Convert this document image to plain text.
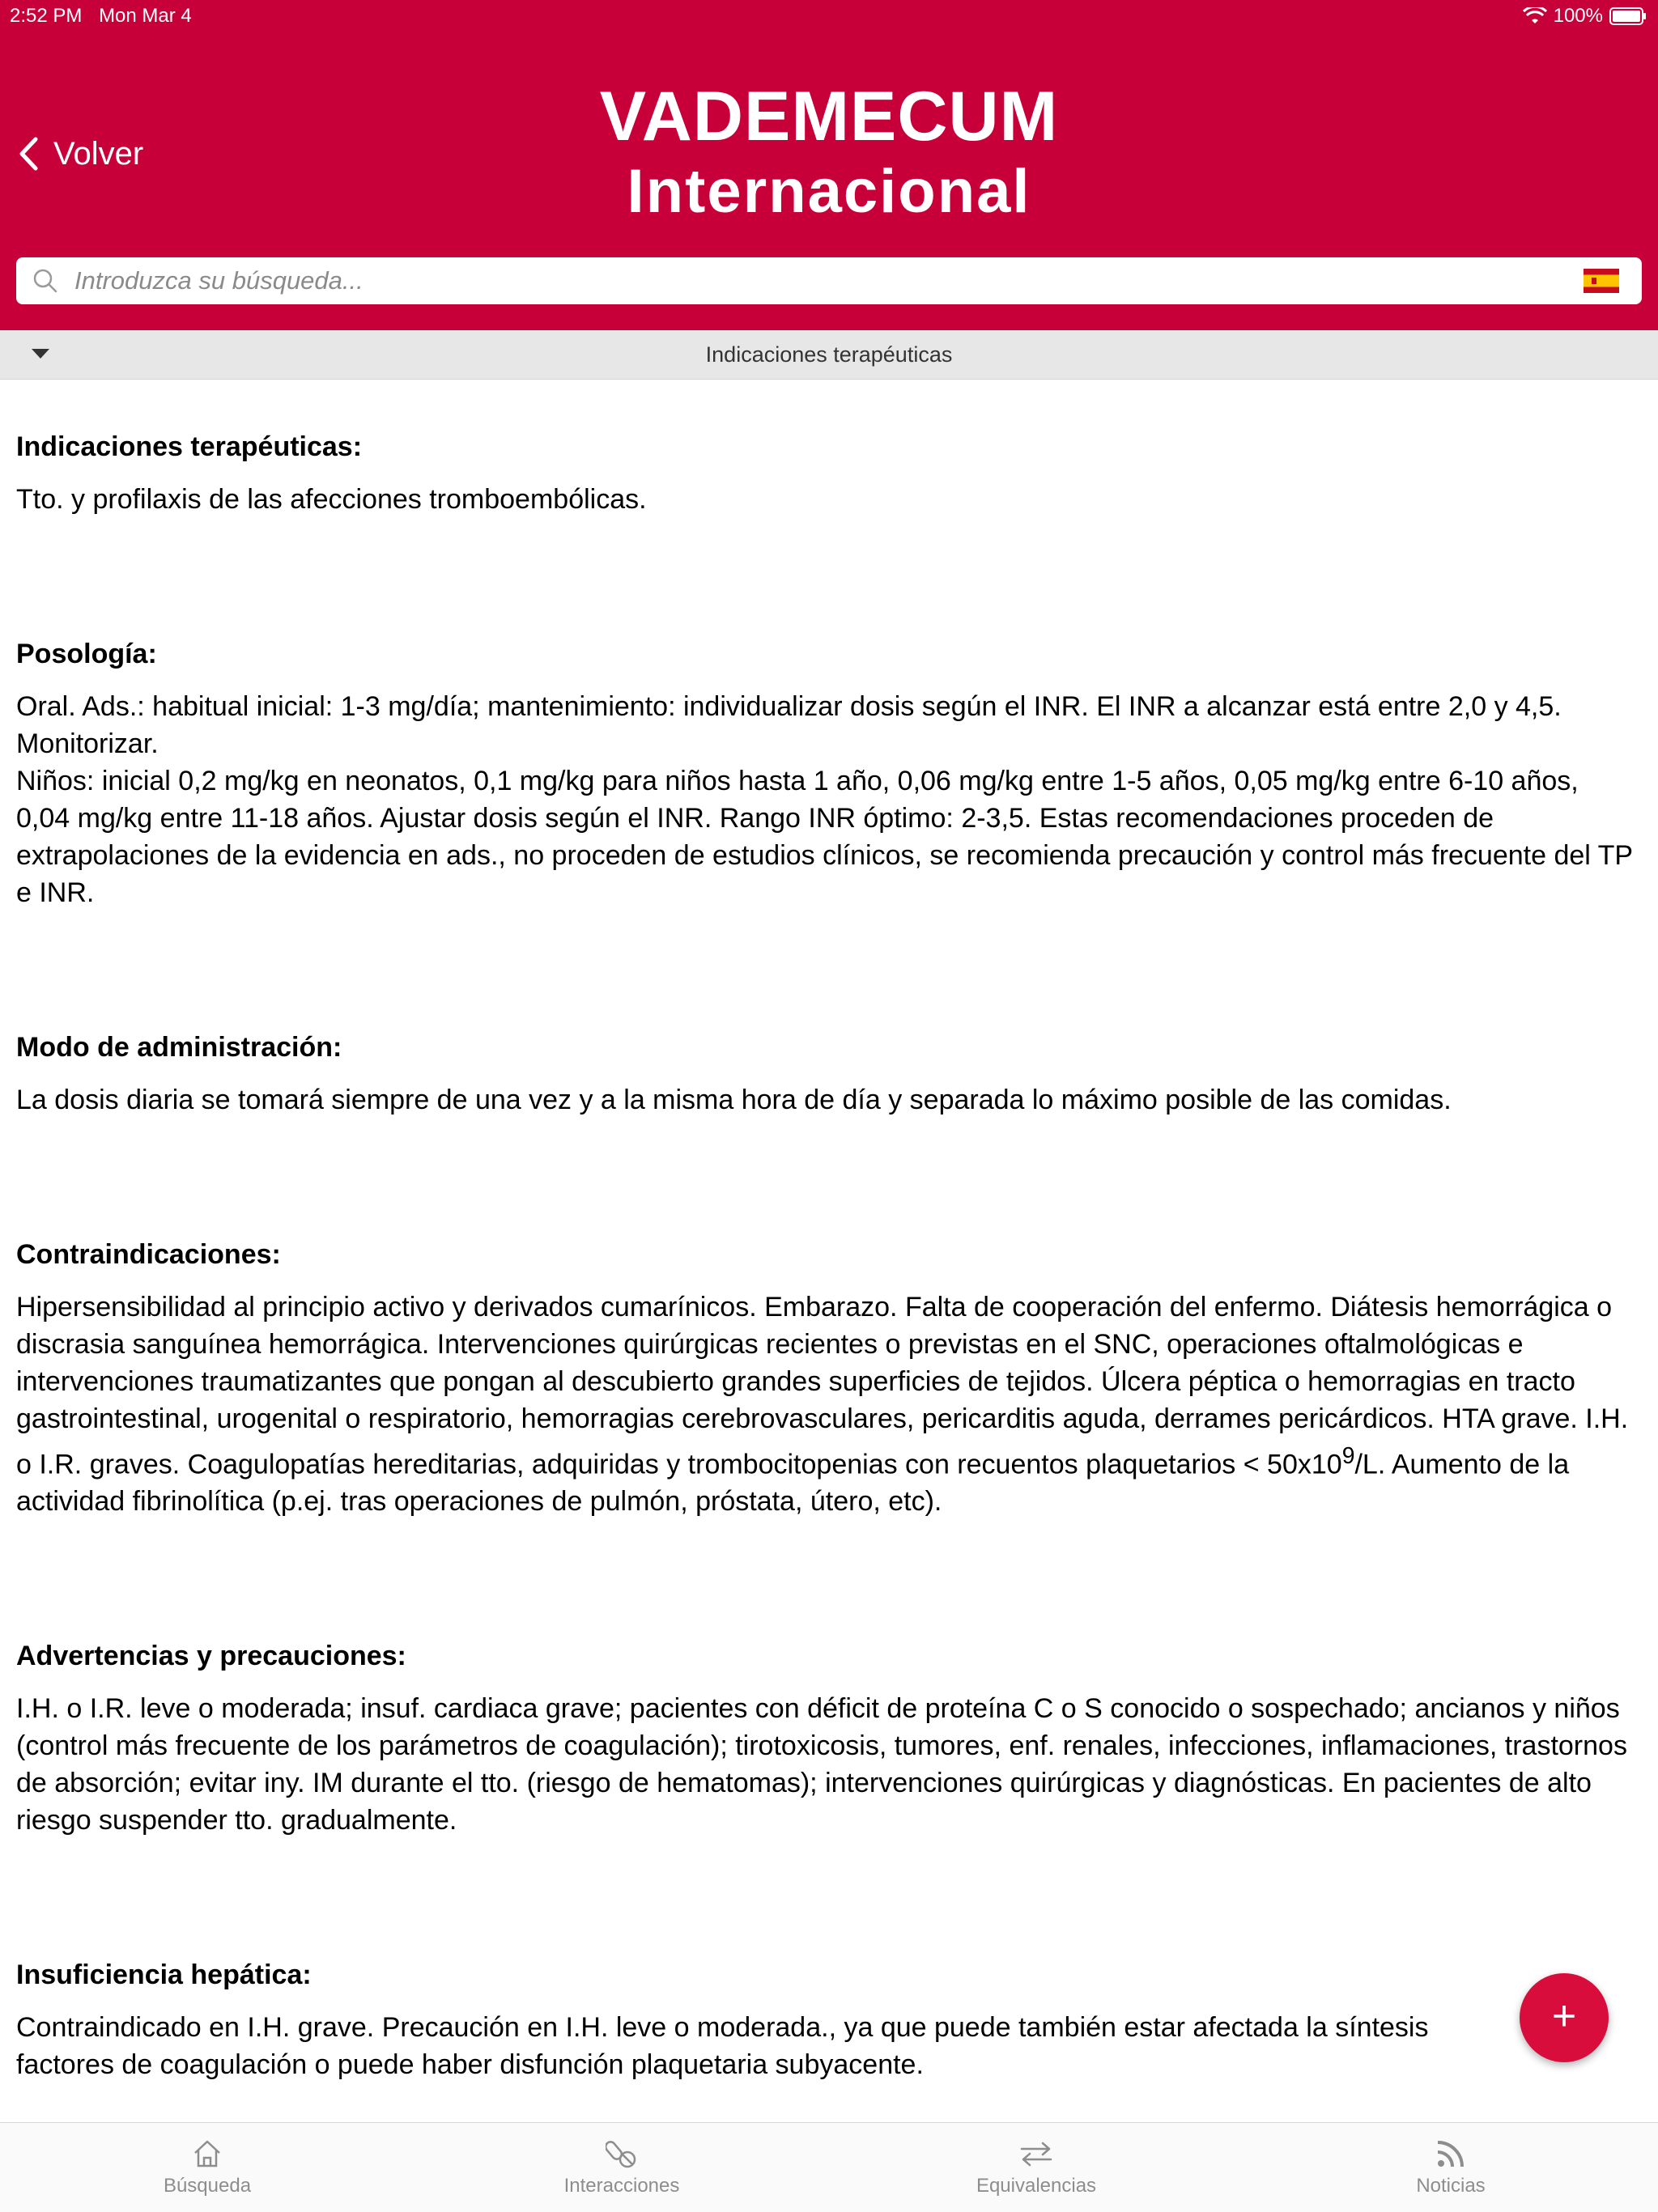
2:52 PM Mon Mar 4	100%
Volver	VADEMECUM
Internacional
Introduzca su búsqueda...
Indicaciones terapéuticas

Indicaciones terapéuticas:

Tto. y profilaxis de las afecciones tromboembólicas.

Posología:

Oral. Ads.: habitual inicial: 1-3 mg/día; mantenimiento: individualizar dosis según el INR. El INR a alcanzar está entre 2,0 y 4,5. Monitorizar.
Niños: inicial 0,2 mg/kg en neonatos, 0,1 mg/kg para niños hasta 1 año, 0,06 mg/kg entre 1-5 años, 0,05 mg/kg entre 6-10 años, 0,04 mg/kg entre 11-18 años. Ajustar dosis según el INR. Rango INR óptimo: 2-3,5. Estas recomendaciones proceden de extrapolaciones de la evidencia en ads., no proceden de estudios clínicos, se recomienda precaución y control más frecuente del TP e INR.

Modo de administración:

La dosis diaria se tomará siempre de una vez y a la misma hora de día y separada lo máximo posible de las comidas.

Contraindicaciones:

Hipersensibilidad al principio activo y derivados cumarínicos. Embarazo. Falta de cooperación del enfermo. Diátesis hemorrágica o discrasia sanguínea hemorrágica. Intervenciones quirúrgicas recientes o previstas en el SNC, operaciones oftalmológicas e intervenciones traumatizantes que pongan al descubierto grandes superficies de tejidos. Úlcera péptica o hemorragias en tracto gastrointestinal, urogenital o respiratorio, hemorragias cerebrovasculares, pericarditis aguda, derrames pericárdicos. HTA grave. I.H. o I.R. graves. Coagulopatías hereditarias, adquiridas y trombocitopenias con recuentos plaquetarios < $50x10^9/L$. Aumento de la actividad fibrinolítica (p.ej. tras operaciones de pulmón, próstata, útero, etc).

Advertencias y precauciones:

I.H. o I.R. leve o moderada; insuf. cardiaca grave; pacientes con déficit de proteína C o S conocido o sospechado; ancianos y niños (control más frecuente de los parámetros de coagulación); tirotoxicosis, tumores, enf. renales, infecciones, inflamaciones, trastornos de absorción; evitar iny. IM durante el tto. (riesgo de hematomas); intervenciones quirúrgicas y diagnósticas. En pacientes de alto riesgo suspender tto. gradualmente.

Insuficiencia hepática:

Contraindicado en I.H. grave. Precaución en I.H. leve o moderada., ya que puede también estar afectada la síntesis factores de coagulación o puede haber disfunción plaquetaria subyacente.

+
Búsqueda	Interacciones	Equivalencias	Noticias
